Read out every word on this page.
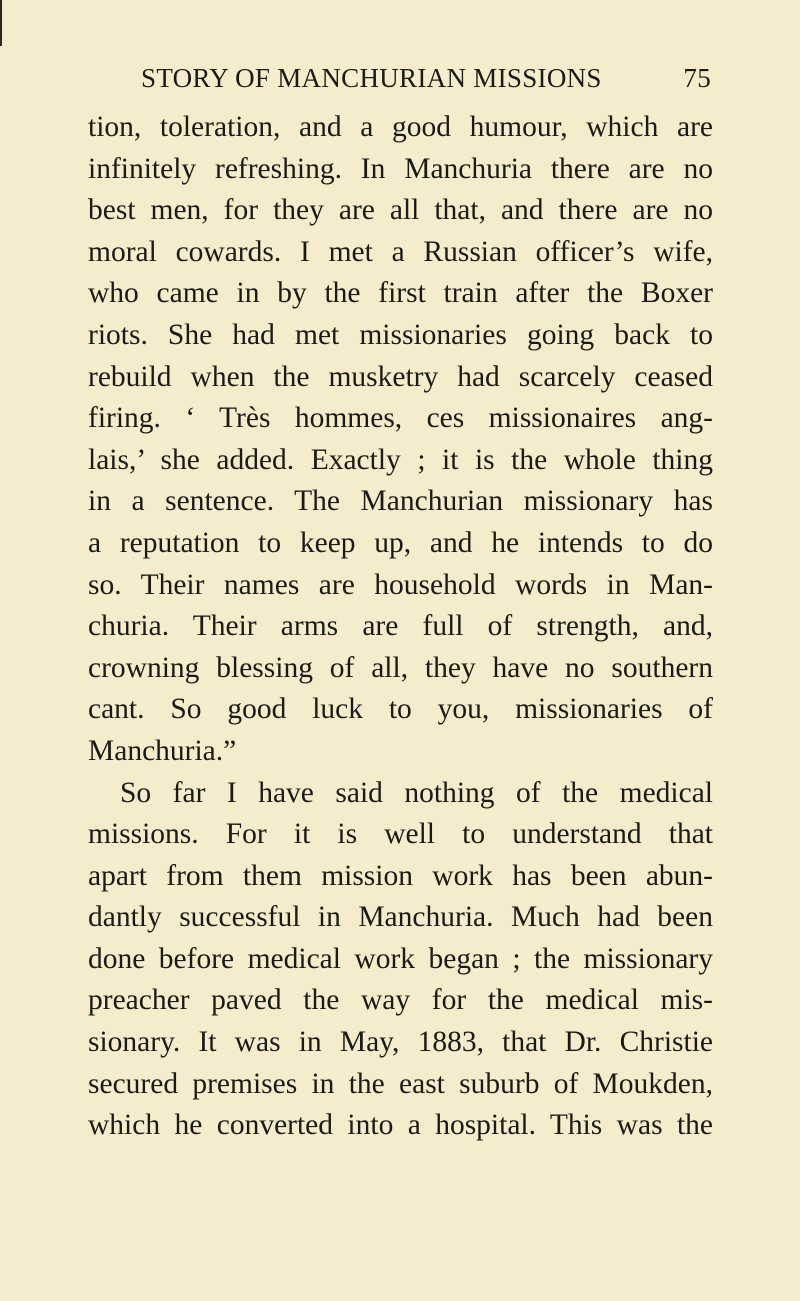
STORY OF MANCHURIAN MISSIONS	75
tion, toleration, and a good humour, which are
infinitely refreshing. In Manchuria there are no
best men, for they are all that, and there are no
moral cowards. I met a Russian officer’s wife,
who came in by the first train after the Boxer
riots. She had met missionaries going back to
rebuild when the musketry had scarcely ceased
firing. ‘ Très hommes, ces missionaires ang-
lais,’ she added. Exactly ; it is the whole thing
in a sentence. The Manchurian missionary has
a reputation to keep up, and he intends to do
so. Their names are household words in Man-
churia. Their arms are full of strength, and,
crowning blessing of all, they have no southern
cant. So good luck to you, missionaries of
Manchuria.”
So far I have said nothing of the medical
missions. For it is well to understand that
apart from them mission work has been abun-
dantly successful in Manchuria. Much had been
done before medical work began ; the missionary
preacher paved the way for the medical mis-
sionary. It was in May, 1883, that Dr. Christie
secured premises in the east suburb of Moukden,
which he converted into a hospital. This was the
